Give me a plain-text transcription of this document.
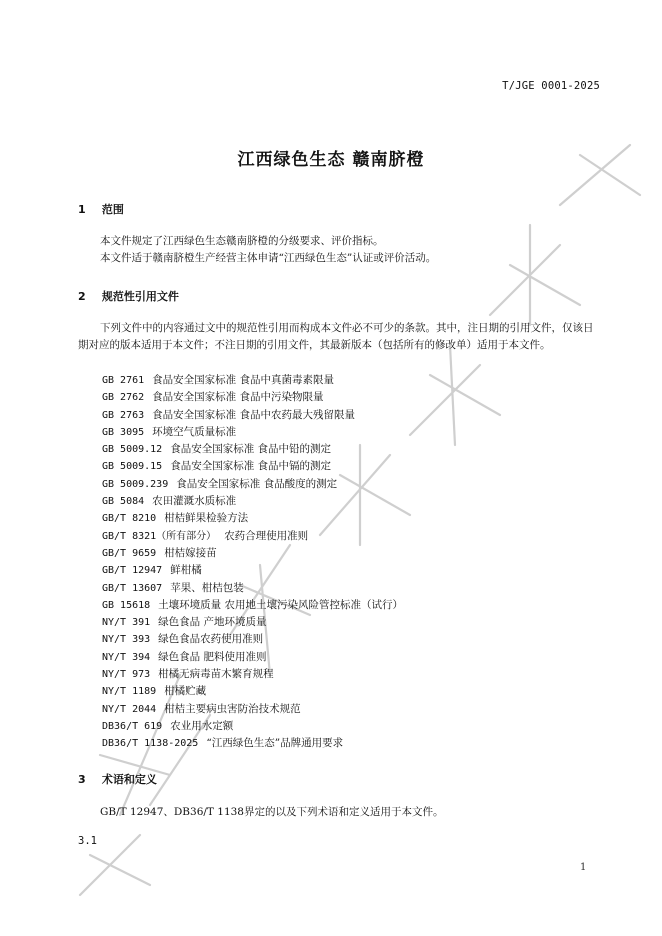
T/JGE 0001-2025
江西绿色生态 赣南脐橙
1 范围

本文件规定了江西绿色生态赣南脐橙的分级要求、评价指标。

本文件适于赣南脐橙生产经营主体申请“江西绿色生态”认证或评价活动。

2 规范性引用文件

下列文件中的内容通过文中的规范性引用而构成本文件必不可少的条款。其中，注日期的引用文件，仅该日期对应的版本适用于本文件；不注日期的引用文件，其最新版本（包括所有的修改单）适用于本文件。

GB 2761 食品安全国家标准 食品中真菌毒素限量
GB 2762 食品安全国家标准 食品中污染物限量
GB 2763 食品安全国家标准 食品中农药最大残留限量
GB 3095 环境空气质量标准
GB 5009.12 食品安全国家标准 食品中铅的测定
GB 5009.15 食品安全国家标准 食品中镉的测定
GB 5009.239 食品安全国家标准 食品酸度的测定
GB 5084 农田灌溉水质标准
GB/T 8210 柑桔鲜果检验方法
GB/T 8321（所有部分） 农药合理使用准则
GB/T 9659 柑桔嫁接苗
GB/T 12947 鲜柑橘
GB/T 13607 苹果、柑桔包装
GB 15618 土壤环境质量 农用地土壤污染风险管控标准（试行）
NY/T 391 绿色食品 产地环境质量
NY/T 393 绿色食品农药使用准则
NY/T 394 绿色食品 肥料使用准则
NY/T 973 柑橘无病毒苗木繁育规程
NY/T 1189 柑橘贮藏
NY/T 2044 柑桔主要病虫害防治技术规范
DB36/T 619 农业用水定额
DB36/T 1138-2025 “江西绿色生态”品牌通用要求
3 术语和定义

GB/T 12947、DB36/T 1138界定的以及下列术语和定义适用于本文件。

3.1
1
